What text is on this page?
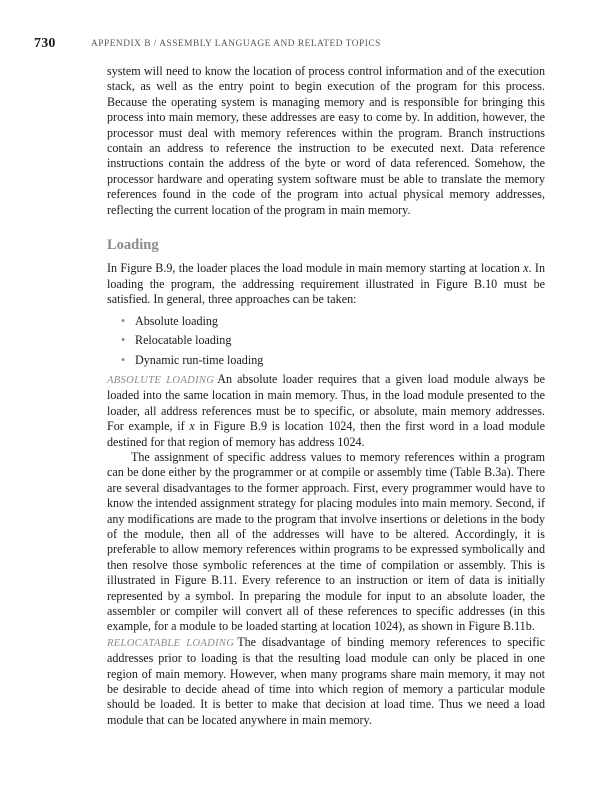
730	APPENDIX B / ASSEMBLY LANGUAGE AND RELATED TOPICS

system will need to know the location of process control information and of the execution stack, as well as the entry point to begin execution of the program for this process. Because the operating system is managing memory and is responsible for bringing this process into main memory, these addresses are easy to come by. In addition, however, the processor must deal with memory references within the program. Branch instructions contain an address to reference the instruction to be executed next. Data reference instructions contain the address of the byte or word of data referenced. Somehow, the processor hardware and operating system software must be able to translate the memory references found in the code of the program into actual physical memory addresses, reflecting the current location of the program in main memory.

Loading

In Figure B.9, the loader places the load module in main memory starting at location x. In loading the program, the addressing requirement illustrated in Figure B.10 must be satisfied. In general, three approaches can be taken:

• Absolute loading
• Relocatable loading
• Dynamic run-time loading

ABSOLUTE LOADING An absolute loader requires that a given load module always be loaded into the same location in main memory. Thus, in the load module presented to the loader, all address references must be to specific, or absolute, main memory addresses. For example, if x in Figure B.9 is location 1024, then the first word in a load module destined for that region of memory has address 1024.

The assignment of specific address values to memory references within a program can be done either by the programmer or at compile or assembly time (Table B.3a). There are several disadvantages to the former approach. First, every programmer would have to know the intended assignment strategy for placing modules into main memory. Second, if any modifications are made to the program that involve insertions or deletions in the body of the module, then all of the addresses will have to be altered. Accordingly, it is preferable to allow memory references within programs to be expressed symbolically and then resolve those symbolic references at the time of compilation or assembly. This is illustrated in Figure B.11. Every reference to an instruction or item of data is initially represented by a symbol. In preparing the module for input to an absolute loader, the assembler or compiler will convert all of these references to specific addresses (in this example, for a module to be loaded starting at location 1024), as shown in Figure B.11b.

RELOCATABLE LOADING The disadvantage of binding memory references to specific addresses prior to loading is that the resulting load module can only be placed in one region of main memory. However, when many programs share main memory, it may not be desirable to decide ahead of time into which region of memory a particular module should be loaded. It is better to make that decision at load time. Thus we need a load module that can be located anywhere in main memory.
